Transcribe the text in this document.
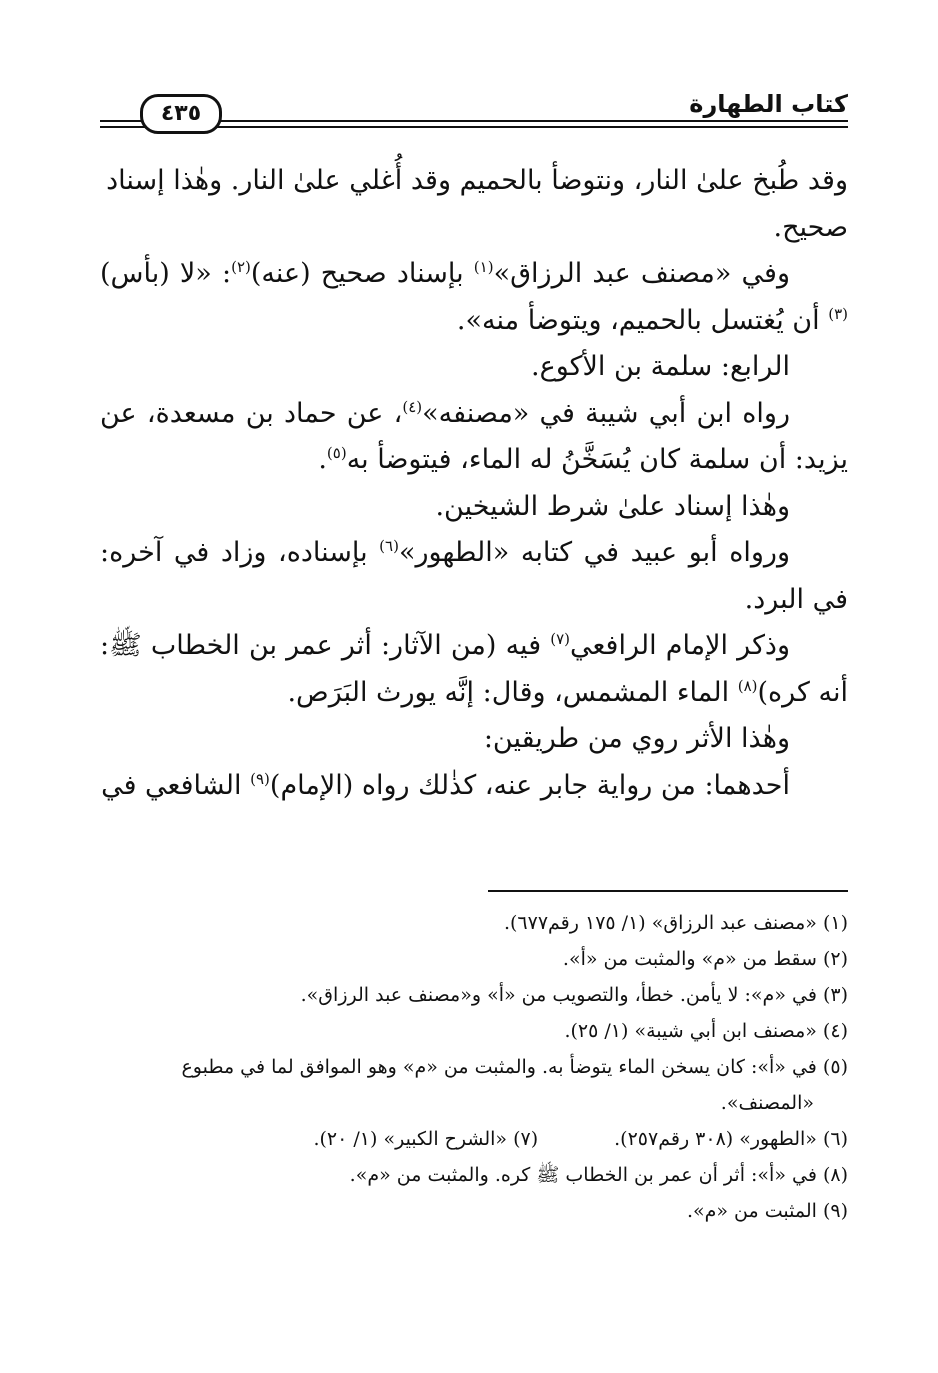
كتاب الطهارة
٤٣٥

وقد طُبخ علىٰ النار، ونتوضأ بالحميم وقد أُغلي علىٰ النار. وهٰذا إسناد
صحيح.

وفي «مصنف عبد الرزاق»$^{(١)}$ بإسناد صحيح (عنه)$^{(٢)}$: «لا (بأس)$^{(٣)}$ أن يُغتسل بالحميم، ويتوضأ منه».

الرابع: سلمة بن الأكوع.

رواه ابن أبي شيبة في «مصنفه»$^{(٤)}$، عن حماد بن مسعدة، عن يزيد: أن سلمة كان يُسَخَّنُ له الماء، فيتوضأ به$^{(٥)}$.

وهٰذا إسناد علىٰ شرط الشيخين.

ورواه أبو عبيد في كتابه «الطهور»$^{(٦)}$ بإسناده، وزاد في آخره: في البرد.

وذكر الإمام الرافعي$^{(٧)}$ فيه (من الآثار: أثر عمر بن الخطاب ﷺ: أنه كره)$^{(٨)}$ الماء المشمس، وقال: إنَّه يورث البَرَص.

وهٰذا الأثر روي من طريقين:

أحدهما: من رواية جابر عنه، كذٰلك رواه (الإمام)$^{(٩)}$ الشافعي في

(١) «مصنف عبد الرزاق» (١/ ١٧٥ رقم٦٧٧).

(٢) سقط من «م» والمثبت من «أ».

(٣) في «م»: لا يأمن. خطأ، والتصويب من «أ» و«مصنف عبد الرزاق».

(٤) «مصنف ابن أبي شيبة» (١/ ٢٥).

(٥) في «أ»: كان يسخن الماء يتوضأ به. والمثبت من «م» وهو الموافق لما في مطبوع

«المصنف».

(٦) «الطهور» (٣٠٨ رقم٢٥٧).(٧) «الشرح الكبير» (١/ ٢٠).

(٨) في «أ»: أثر أن عمر بن الخطاب ﷺ كره. والمثبت من «م».

(٩) المثبت من «م».
